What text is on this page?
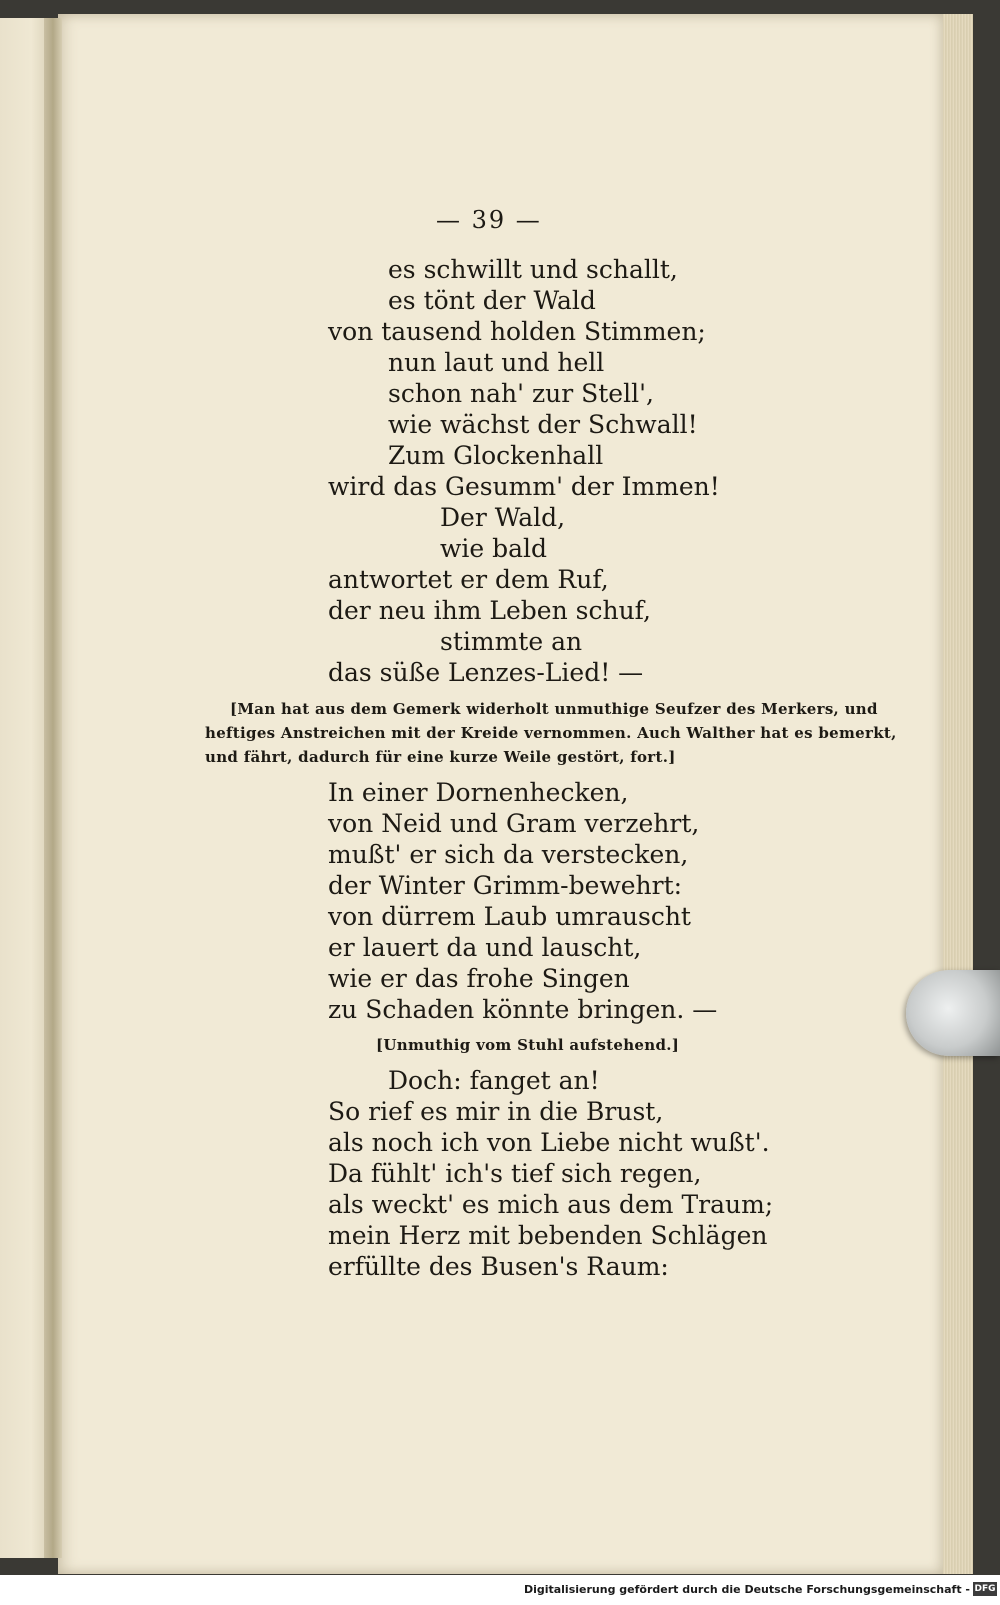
— 39 —
es schwillt und schallt,
es tönt der Wald
von tausend holden Stimmen;
nun laut und hell
schon nah' zur Stell',
wie wächst der Schwall!
Zum Glockenhall
wird das Gesumm' der Immen!
Der Wald,
wie bald
antwortet er dem Ruf,
der neu ihm Leben schuf,
stimmte an
das süße Lenzes-Lied! —
[Man hat aus dem Gemerk widerholt unmuthige Seufzer des Merkers, und
heftiges Anstreichen mit der Kreide vernommen. Auch Walther hat es bemerkt,
und fährt, dadurch für eine kurze Weile gestört, fort.]
In einer Dornenhecken,
von Neid und Gram verzehrt,
mußt' er sich da verstecken,
der Winter Grimm-bewehrt:
von dürrem Laub umrauscht
er lauert da und lauscht,
wie er das frohe Singen
zu Schaden könnte bringen. —
[Unmuthig vom Stuhl aufstehend.]
Doch: fanget an!
So rief es mir in die Brust,
als noch ich von Liebe nicht wußt'.
Da fühlt' ich's tief sich regen,
als weckt' es mich aus dem Traum;
mein Herz mit bebenden Schlägen
erfüllte des Busen's Raum:
Digitalisierung gefördert durch die Deutsche Forschungsgemeinschaft - DFG
